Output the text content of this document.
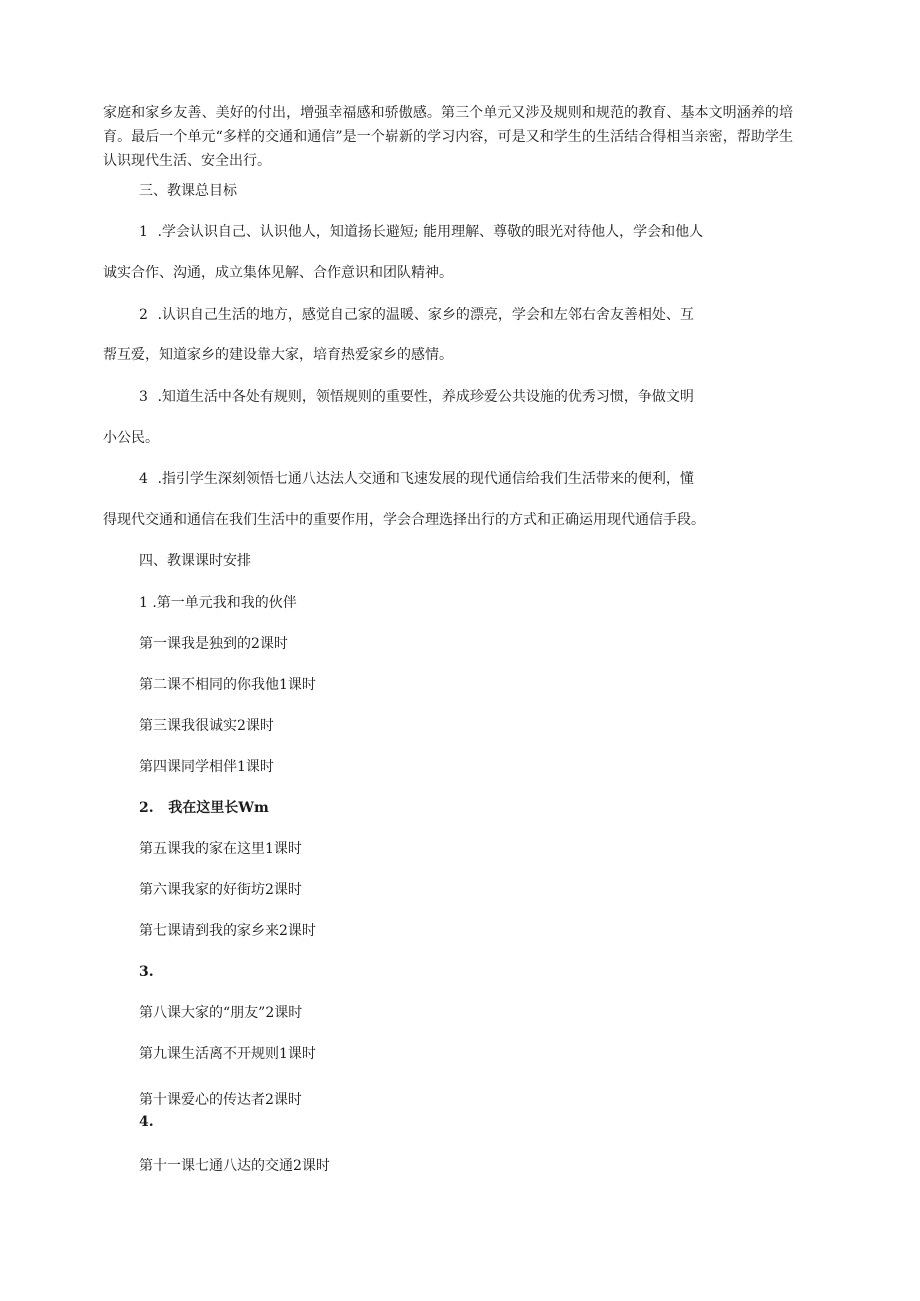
家庭和家乡友善、美好的付出，增强幸福感和骄傲感。第三个单元又涉及规则和规范的教育、基本文明涵养的培育。最后一个单元“多样的交通和通信”是一个崭新的学习内容，可是又和学生的生活结合得相当亲密，帮助学生认识现代生活、安全出行。

三、教课总目标

1 .学会认识自己、认识他人，知道扬长避短; 能用理解、尊敬的眼光对待他人，学会和他人

诚实合作、沟通，成立集体见解、合作意识和团队精神。

2 .认识自己生活的地方，感觉自己家的温暖、家乡的漂亮，学会和左邻右舍友善相处、互

帮互爱，知道家乡的建设靠大家，培育热爱家乡的感情。

3 .知道生活中各处有规则，领悟规则的重要性，养成珍爱公共设施的优秀习惯，争做文明

小公民。

4 .指引学生深刻领悟七通八达法人交通和飞速发展的现代通信给我们生活带来的便利，懂

得现代交通和通信在我们生活中的重要作用，学会合理选择出行的方式和正确运用现代通信手段。

四、教课课时安排

1 .第一单元我和我的伙伴

第一课我是独到的2课时

第二课不相同的你我他1课时

第三课我很诚实2课时

第四课同学相伴1课时

2.   我在这里长Wm

第五课我的家在这里1课时

第六课我家的好街坊2课时

第七课请到我的家乡来2课时

3.

第八课大家的“朋友”2课时

第九课生活离不开规则1课时

第十课爱心的传达者2课时

4.

第十一课七通八达的交通2课时
